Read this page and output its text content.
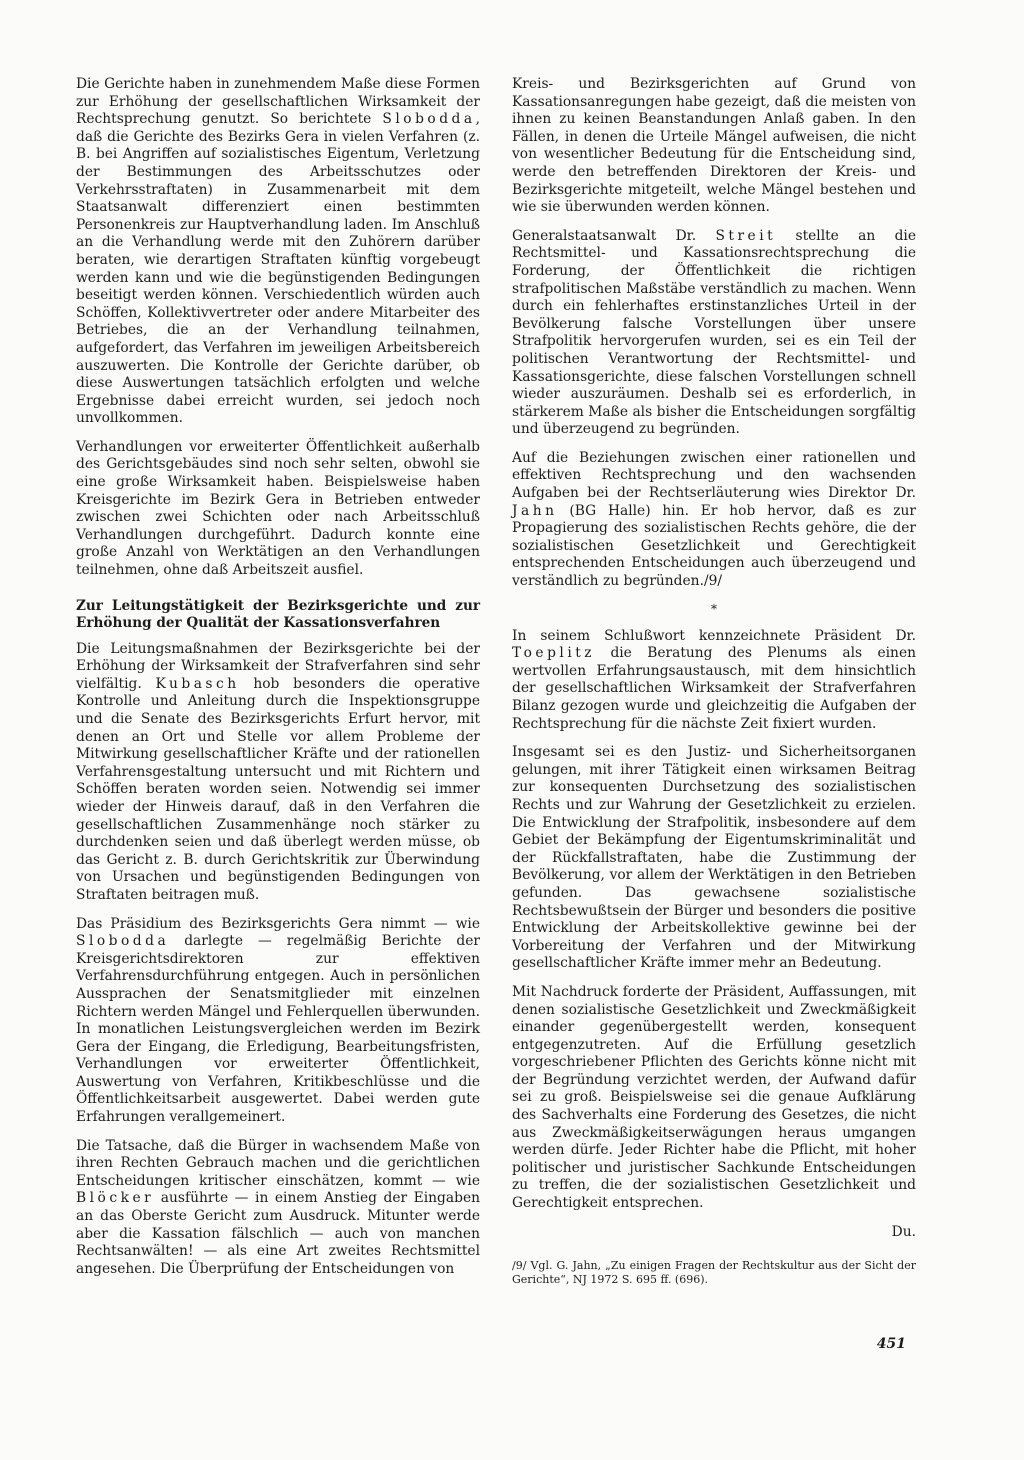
Die Gerichte haben in zunehmendem Maße diese Formen zur Erhöhung der gesellschaftlichen Wirksamkeit der Rechtsprechung genutzt. So berichtete Slobodda, daß die Gerichte des Bezirks Gera in vielen Verfahren (z. B. bei Angriffen auf sozialistisches Eigentum, Verletzung der Bestimmungen des Arbeitsschutzes oder Verkehrsstraftaten) in Zusammenarbeit mit dem Staatsanwalt differenziert einen bestimmten Personenkreis zur Hauptverhandlung laden. Im Anschluß an die Verhandlung werde mit den Zuhörern darüber beraten, wie derartigen Straftaten künftig vorgebeugt werden kann und wie die begünstigenden Bedingungen beseitigt werden können. Verschiedentlich würden auch Schöffen, Kollektivvertreter oder andere Mitarbeiter des Betriebes, die an der Verhandlung teilnahmen, aufgefordert, das Verfahren im jeweiligen Arbeitsbereich auszuwerten. Die Kontrolle der Gerichte darüber, ob diese Auswertungen tatsächlich erfolgten und welche Ergebnisse dabei erreicht wurden, sei jedoch noch unvollkommen.

Verhandlungen vor erweiterter Öffentlichkeit außerhalb des Gerichtsgebäudes sind noch sehr selten, obwohl sie eine große Wirksamkeit haben. Beispielsweise haben Kreisgerichte im Bezirk Gera in Betrieben entweder zwischen zwei Schichten oder nach Arbeitsschluß Verhandlungen durchgeführt. Dadurch konnte eine große Anzahl von Werktätigen an den Verhandlungen teilnehmen, ohne daß Arbeitszeit ausfiel.

Zur Leitungstätigkeit der Bezirksgerichte und zur Erhöhung der Qualität der Kassationsverfahren

Die Leitungsmaßnahmen der Bezirksgerichte bei der Erhöhung der Wirksamkeit der Strafverfahren sind sehr vielfältig. Kubasch hob besonders die operative Kontrolle und Anleitung durch die Inspektionsgruppe und die Senate des Bezirksgerichts Erfurt hervor, mit denen an Ort und Stelle vor allem Probleme der Mitwirkung gesellschaftlicher Kräfte und der rationellen Verfahrensgestaltung untersucht und mit Richtern und Schöffen beraten worden seien. Notwendig sei immer wieder der Hinweis darauf, daß in den Verfahren die gesellschaftlichen Zusammenhänge noch stärker zu durchdenken seien und daß überlegt werden müsse, ob das Gericht z. B. durch Gerichtskritik zur Überwindung von Ursachen und begünstigenden Bedingungen von Straftaten beitragen muß.

Das Präsidium des Bezirksgerichts Gera nimmt — wie Slobodda darlegte — regelmäßig Berichte der Kreisgerichtsdirektoren zur effektiven Verfahrensdurchführung entgegen. Auch in persönlichen Aussprachen der Senatsmitglieder mit einzelnen Richtern werden Mängel und Fehlerquellen überwunden. In monatlichen Leistungsvergleichen werden im Bezirk Gera der Eingang, die Erledigung, Bearbeitungsfristen, Verhandlungen vor erweiterter Öffentlichkeit, Auswertung von Verfahren, Kritikbeschlüsse und die Öffentlichkeitsarbeit ausgewertet. Dabei werden gute Erfahrungen verallgemeinert.

Die Tatsache, daß die Bürger in wachsendem Maße von ihren Rechten Gebrauch machen und die gerichtlichen Entscheidungen kritischer einschätzen, kommt — wie Blöcker ausführte — in einem Anstieg der Eingaben an das Oberste Gericht zum Ausdruck. Mitunter werde aber die Kassation fälschlich — auch von manchen Rechtsanwälten! — als eine Art zweites Rechtsmittel angesehen. Die Überprüfung der Entscheidungen von

Kreis- und Bezirksgerichten auf Grund von Kassationsanregungen habe gezeigt, daß die meisten von ihnen zu keinen Beanstandungen Anlaß gaben. In den Fällen, in denen die Urteile Mängel aufweisen, die nicht von wesentlicher Bedeutung für die Entscheidung sind, werde den betreffenden Direktoren der Kreis- und Bezirksgerichte mitgeteilt, welche Mängel bestehen und wie sie überwunden werden können.

Generalstaatsanwalt Dr. Streit stellte an die Rechtsmittel- und Kassationsrechtsprechung die Forderung, der Öffentlichkeit die richtigen strafpolitischen Maßstäbe verständlich zu machen. Wenn durch ein fehlerhaftes erstinstanzliches Urteil in der Bevölkerung falsche Vorstellungen über unsere Strafpolitik hervorgerufen wurden, sei es ein Teil der politischen Verantwortung der Rechtsmittel- und Kassationsgerichte, diese falschen Vorstellungen schnell wieder auszuräumen. Deshalb sei es erforderlich, in stärkerem Maße als bisher die Entscheidungen sorgfältig und überzeugend zu begründen.

Auf die Beziehungen zwischen einer rationellen und effektiven Rechtsprechung und den wachsenden Aufgaben bei der Rechtserläuterung wies Direktor Dr. Jahn (BG Halle) hin. Er hob hervor, daß es zur Propagierung des sozialistischen Rechts gehöre, die der sozialistischen Gesetzlichkeit und Gerechtigkeit entsprechenden Entscheidungen auch überzeugend und verständlich zu begründen./9/

*

In seinem Schlußwort kennzeichnete Präsident Dr. Toeplitz die Beratung des Plenums als einen wertvollen Erfahrungsaustausch, mit dem hinsichtlich der gesellschaftlichen Wirksamkeit der Strafverfahren Bilanz gezogen wurde und gleichzeitig die Aufgaben der Rechtsprechung für die nächste Zeit fixiert wurden.

Insgesamt sei es den Justiz- und Sicherheitsorganen gelungen, mit ihrer Tätigkeit einen wirksamen Beitrag zur konsequenten Durchsetzung des sozialistischen Rechts und zur Wahrung der Gesetzlichkeit zu erzielen. Die Entwicklung der Strafpolitik, insbesondere auf dem Gebiet der Bekämpfung der Eigentumskriminalität und der Rückfallstraftaten, habe die Zustimmung der Bevölkerung, vor allem der Werktätigen in den Betrieben gefunden. Das gewachsene sozialistische Rechtsbewußtsein der Bürger und besonders die positive Entwicklung der Arbeitskollektive gewinne bei der Vorbereitung der Verfahren und der Mitwirkung gesellschaftlicher Kräfte immer mehr an Bedeutung.

Mit Nachdruck forderte der Präsident, Auffassungen, mit denen sozialistische Gesetzlichkeit und Zweckmäßigkeit einander gegenübergestellt werden, konsequent entgegenzutreten. Auf die Erfüllung gesetzlich vorgeschriebener Pflichten des Gerichts könne nicht mit der Begründung verzichtet werden, der Aufwand dafür sei zu groß. Beispielsweise sei die genaue Aufklärung des Sachverhalts eine Forderung des Gesetzes, die nicht aus Zweckmäßigkeitserwägungen heraus umgangen werden dürfe. Jeder Richter habe die Pflicht, mit hoher politischer und juristischer Sachkunde Entscheidungen zu treffen, die der sozialistischen Gesetzlichkeit und Gerechtigkeit entsprechen.

Du.

/9/ Vgl. G. Jahn, „Zu einigen Fragen der Rechtskultur aus der Sicht der Gerichte“, NJ 1972 S. 695 ff. (696).
451
